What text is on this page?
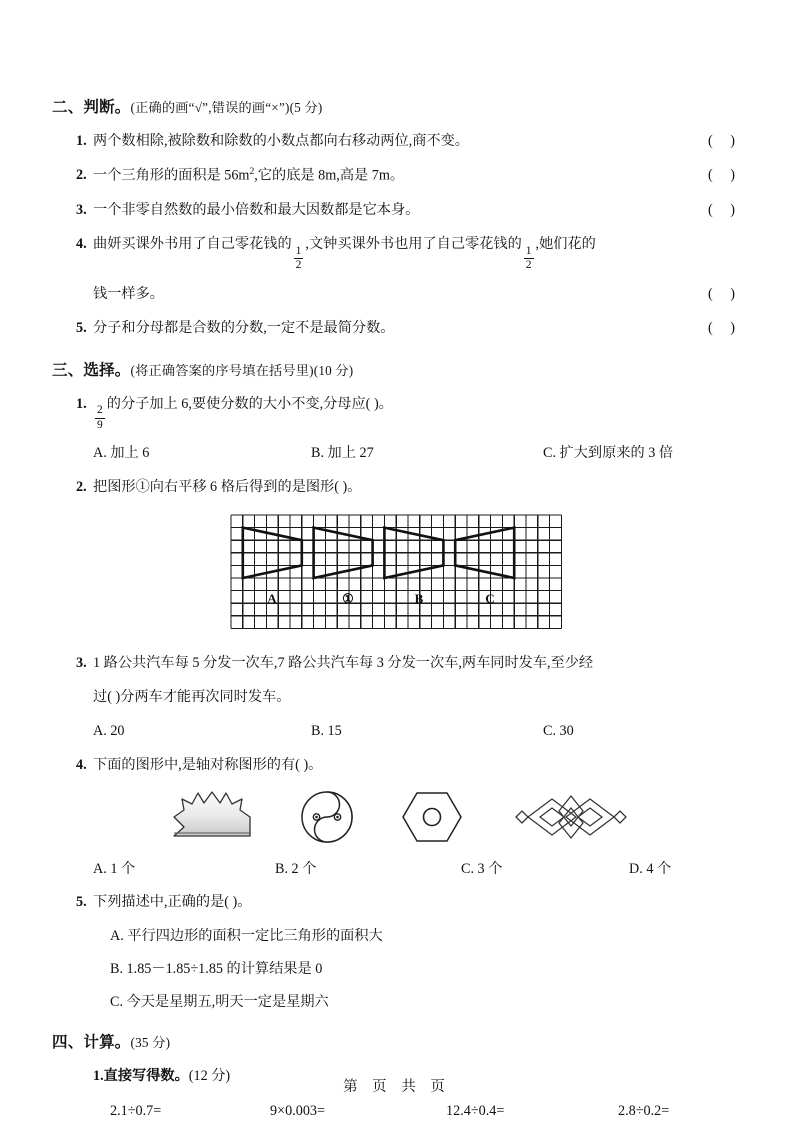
二、判断。(正确的画“√”,错误的画“×”)(5 分)
1. 两个数相除,被除数和除数的小数点都向右移动两位,商不变。	( )
2. 一个三角形的面积是 $56m^2$,它的底是 8m,高是 7m。	( )
3. 一个非零自然数的最小倍数和最大因数都是它本身。	( )
4. 曲妍买课外书用了自己零花钱的
$\frac{1}{2}$
,文钟买课外书也用了自己零花钱的
$\frac{1}{2}$
,她们花的
钱一样多。	( )
5. 分子和分母都是合数的分数,一定不是最简分数。	( )
三、选择。(将正确答案的序号填在括号里)(10 分)
1.
$\frac{2}{9}$
的分子加上 6,要使分数的大小不变,分母应( )。
A. 加上 6	B. 加上 27	C. 扩大到原来的 3 倍
2. 把图形①向右平移 6 格后得到的是图形( )。
A	①	B	C
3. 1 路公共汽车每 5 分发一次车,7 路公共汽车每 3 分发一次车,两车同时发车,至少经
过( )分两车才能再次同时发车。
A. 20	B. 15	C. 30
4. 下面的图形中,是轴对称图形的有( )。
A. 1 个	B. 2 个	C. 3 个	D. 4 个
5. 下列描述中,正确的是( )。
A. 平行四边形的面积一定比三角形的面积大
B. 1.85－1.85÷1.85 的计算结果是 0
C. 今天是星期五,明天一定是星期六
四、计算。(35 分)
1.直接写得数。(12 分)
2.1÷0.7=	9×0.003=	12.4÷0.4=	2.8÷0.2=
第 页 共 页
